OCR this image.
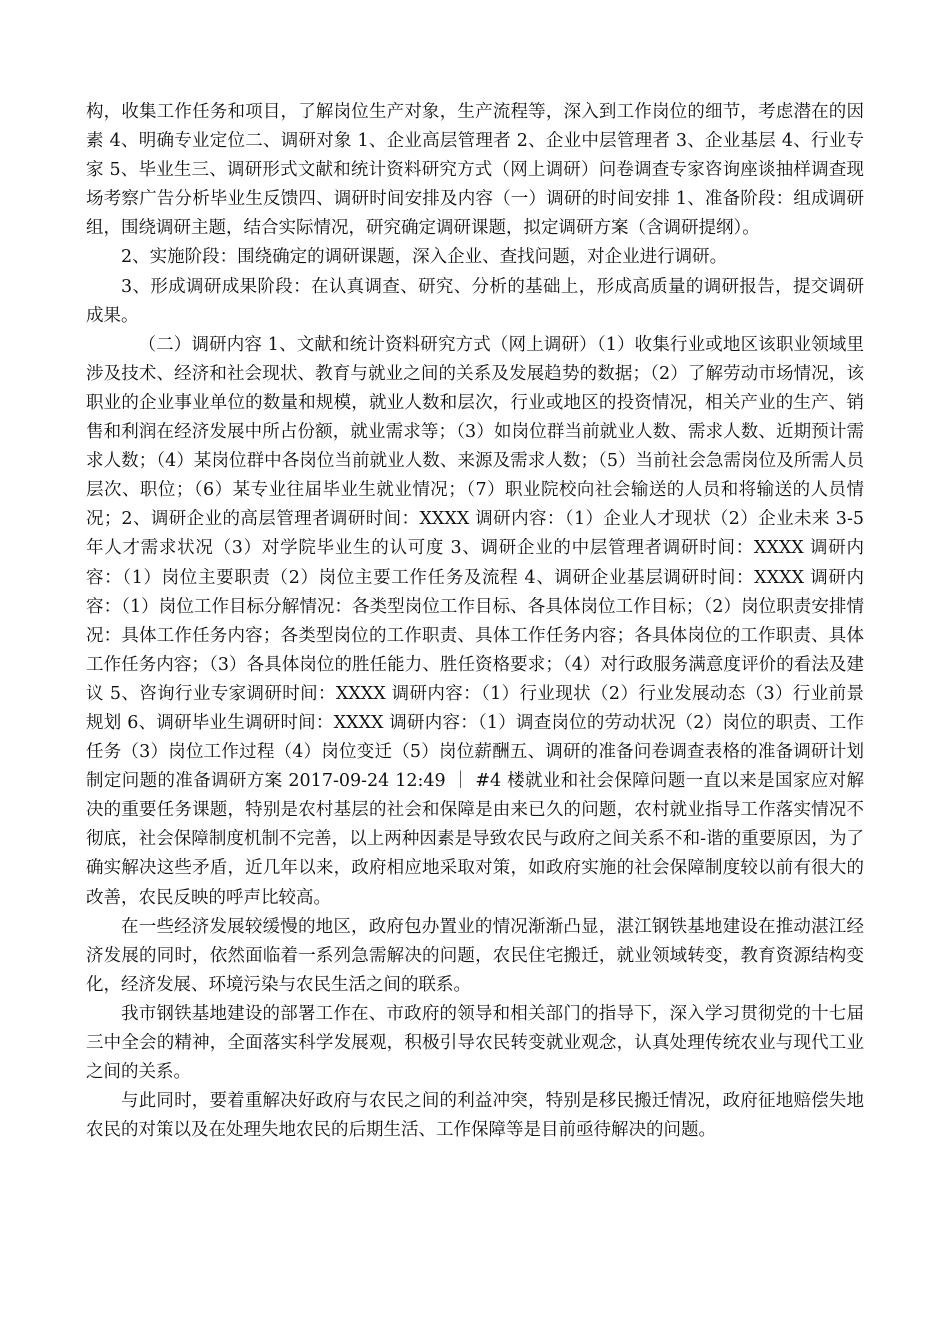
构，收集工作任务和项目，了解岗位生产对象，生产流程等，深入到工作岗位的细节，考虑潜在的因素 4、明确专业定位二、调研对象 1、企业高层管理者 2、企业中层管理者 3、企业基层 4、行业专家 5、毕业生三、调研形式文献和统计资料研究方式（网上调研）问卷调查专家咨询座谈抽样调查现场考察广告分析毕业生反馈四、调研时间安排及内容（一）调研的时间安排 1、准备阶段：组成调研组，围绕调研主题，结合实际情况，研究确定调研课题，拟定调研方案（含调研提纲）。

2、实施阶段：围绕确定的调研课题，深入企业、查找问题，对企业进行调研。

3、形成调研成果阶段：在认真调查、研究、分析的基础上，形成高质量的调研报告，提交调研成果。

（二）调研内容 1、文献和统计资料研究方式（网上调研）（1）收集行业或地区该职业领域里涉及技术、经济和社会现状、教育与就业之间的关系及发展趋势的数据；（2）了解劳动市场情况，该职业的企业事业单位的数量和规模，就业人数和层次，行业或地区的投资情况，相关产业的生产、销售和利润在经济发展中所占份额，就业需求等；（3）如岗位群当前就业人数、需求人数、近期预计需求人数；（4）某岗位群中各岗位当前就业人数、来源及需求人数；（5）当前社会急需岗位及所需人员层次、职位；（6）某专业往届毕业生就业情况；（7）职业院校向社会输送的人员和将输送的人员情况；2、调研企业的高层管理者调研时间：XXXX 调研内容：（1）企业人才现状（2）企业未来 3-5 年人才需求状况（3）对学院毕业生的认可度 3、调研企业的中层管理者调研时间：XXXX 调研内容：（1）岗位主要职责（2）岗位主要工作任务及流程 4、调研企业基层调研时间：XXXX 调研内容：（1）岗位工作目标分解情况：各类型岗位工作目标、各具体岗位工作目标；（2）岗位职责安排情况：具体工作任务内容；各类型岗位的工作职责、具体工作任务内容；各具体岗位的工作职责、具体工作任务内容；（3）各具体岗位的胜任能力、胜任资格要求；（4）对行政服务满意度评价的看法及建议 5、咨询行业专家调研时间：XXXX 调研内容：（1）行业现状（2）行业发展动态（3）行业前景规划 6、调研毕业生调研时间：XXXX 调研内容：（1）调查岗位的劳动状况（2）岗位的职责、工作任务（3）岗位工作过程（4）岗位变迁（5）岗位薪酬五、调研的准备问卷调查表格的准备调研计划制定问题的准备调研方案 2017-09-24 12:49 ｜ #4 楼就业和社会保障问题一直以来是国家应对解决的重要任务课题，特别是农村基层的社会和保障是由来已久的问题，农村就业指导工作落实情况不彻底，社会保障制度机制不完善，以上两种因素是导致农民与政府之间关系不和-谐的重要原因，为了确实解决这些矛盾，近几年以来，政府相应地采取对策，如政府实施的社会保障制度较以前有很大的改善，农民反映的呼声比较高。

在一些经济发展较缓慢的地区，政府包办置业的情况渐渐凸显，湛江钢铁基地建设在推动湛江经济发展的同时，依然面临着一系列急需解决的问题，农民住宅搬迁，就业领域转变，教育资源结构变化，经济发展、环境污染与农民生活之间的联系。

我市钢铁基地建设的部署工作在、市政府的领导和相关部门的指导下，深入学习贯彻党的十七届三中全会的精神，全面落实科学发展观，积极引导农民转变就业观念，认真处理传统农业与现代工业之间的关系。

与此同时，要着重解决好政府与农民之间的利益冲突，特别是移民搬迁情况，政府征地赔偿失地农民的对策以及在处理失地农民的后期生活、工作保障等是目前亟待解决的问题。
